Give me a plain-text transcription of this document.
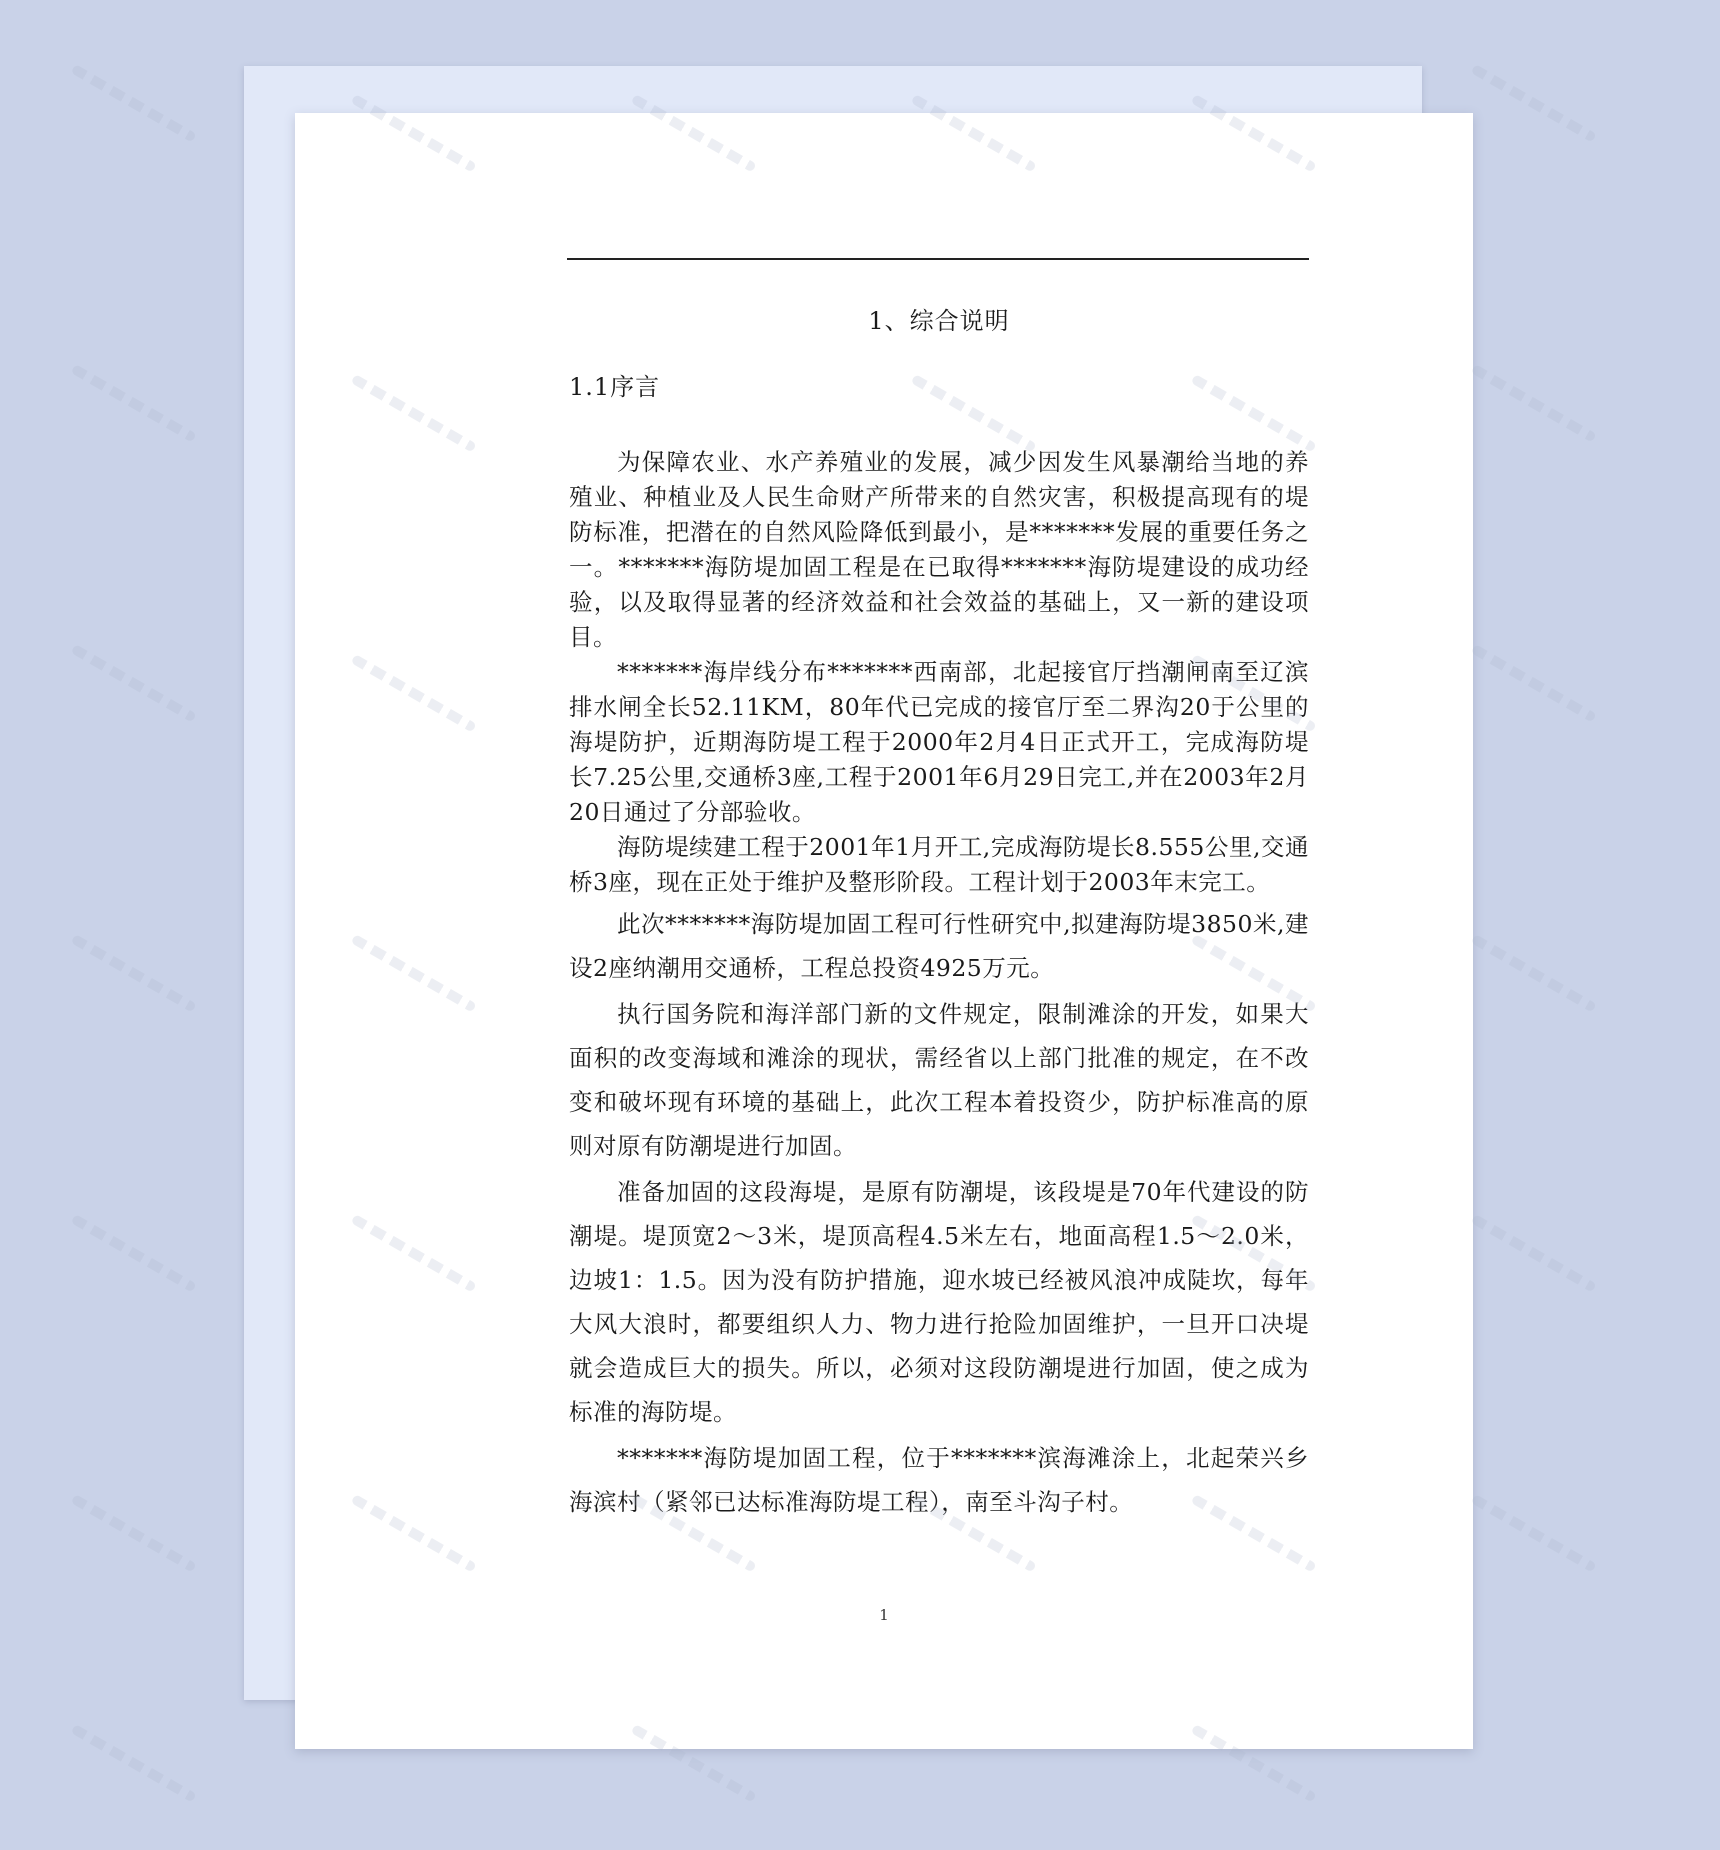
1、综合说明
1.1序言

为保障农业、水产养殖业的发展，减少因发生风暴潮给当地的养殖业、种植业及人民生命财产所带来的自然灾害，积极提高现有的堤防标准，把潜在的自然风险降低到最小，是*******发展的重要任务之一。*******海防堤加固工程是在已取得*******海防堤建设的成功经验，以及取得显著的经济效益和社会效益的基础上，又一新的建设项目。

*******海岸线分布*******西南部，北起接官厅挡潮闸南至辽滨排水闸全长52.11KM，80年代已完成的接官厅至二界沟20于公里的海堤防护，近期海防堤工程于2000年2月4日正式开工，完成海防堤长7.25公里,交通桥3座,工程于2001年6月29日完工,并在2003年2月20日通过了分部验收。

海防堤续建工程于2001年1月开工,完成海防堤长8.555公里,交通桥3座，现在正处于维护及整形阶段。工程计划于2003年末完工。

此次*******海防堤加固工程可行性研究中,拟建海防堤3850米,建设2座纳潮用交通桥，工程总投资4925万元。

执行国务院和海洋部门新的文件规定，限制滩涂的开发，如果大面积的改变海域和滩涂的现状，需经省以上部门批准的规定，在不改变和破坏现有环境的基础上，此次工程本着投资少，防护标准高的原则对原有防潮堤进行加固。

准备加固的这段海堤，是原有防潮堤，该段堤是70年代建设的防潮堤。堤顶宽2～3米，堤顶高程4.5米左右，地面高程1.5～2.0米，边坡1：1.5。因为没有防护措施，迎水坡已经被风浪冲成陡坎，每年大风大浪时，都要组织人力、物力进行抢险加固维护，一旦开口决堤就会造成巨大的损失。所以，必须对这段防潮堤进行加固，使之成为标准的海防堤。

*******海防堤加固工程，位于*******滨海滩涂上，北起荣兴乡海滨村（紧邻已达标准海防堤工程），南至斗沟子村。

1
